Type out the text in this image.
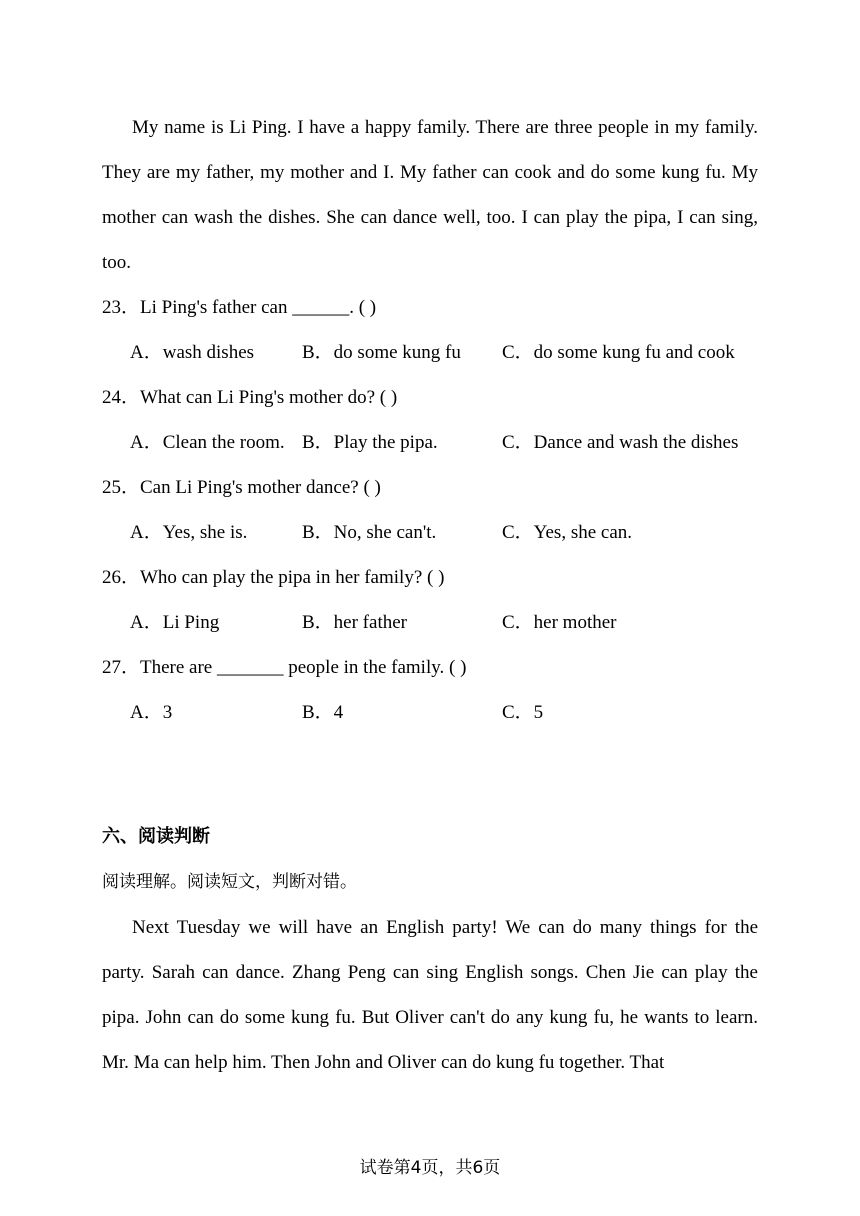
My name is Li Ping. I have a happy family. There are three people in my family. They are my father, my mother and I. My father can cook and do some kung fu. My mother can wash the dishes. She can dance well, too. I can play the pipa, I can sing, too.

23．Li Ping's father can ______. ( )
A．wash dishes	B．do some kung fu C．do some kung fu and cook
24．What can Li Ping's mother do? ( )
A．Clean the room. B．Play the pipa.	C．Dance and wash the dishes
25．Can Li Ping's mother dance? ( )
A．Yes, she is.	B．No, she can't.	C．Yes, she can.
26．Who can play the pipa in her family? ( )
A．Li Ping	B．her father	C．her mother
27．There are _______ people in the family. ( )
A．3	B．4	C．5
六、阅读判断
阅读理解。阅读短文，判断对错。

Next Tuesday we will have an English party! We can do many things for the party. Sarah can dance. Zhang Peng can sing English songs. Chen Jie can play the pipa. John can do some kung fu. But Oliver can't do any kung fu, he wants to learn. Mr. Ma can help him. Then John and Oliver can do kung fu together. That

试卷第4页，共6页
